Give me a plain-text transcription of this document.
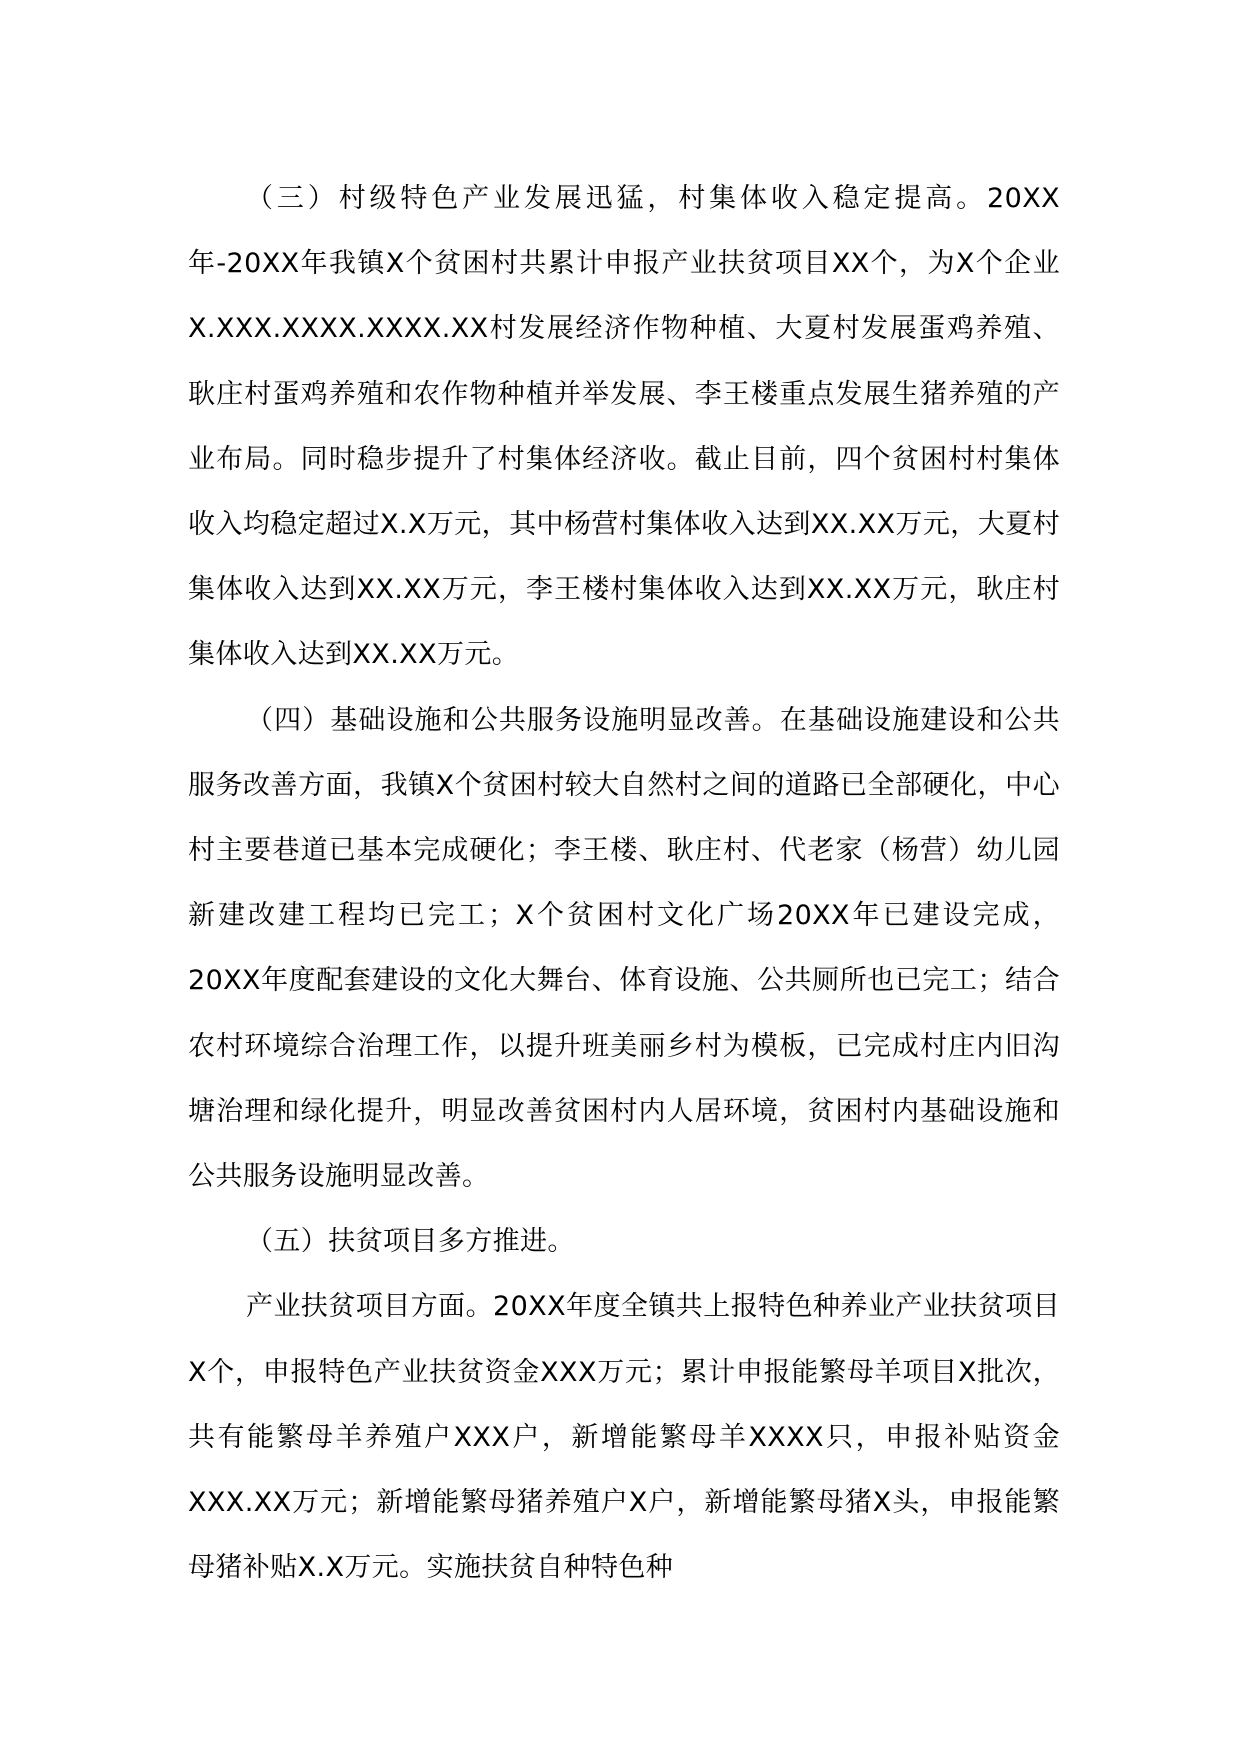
（三）村级特色产业发展迅猛，村集体收入稳定提高。20XX年-20XX年我镇X个贫困村共累计申报产业扶贫项目XX个，为X个企业X.XXX.XXXX.XXXX.XX村发展经济作物种植、大夏村发展蛋鸡养殖、耿庄村蛋鸡养殖和农作物种植并举发展、李王楼重点发展生猪养殖的产业布局。同时稳步提升了村集体经济收。截止目前，四个贫困村村集体收入均稳定超过X.X万元，其中杨营村集体收入达到XX.XX万元，大夏村集体收入达到XX.XX万元，李王楼村集体收入达到XX.XX万元，耿庄村集体收入达到XX.XX万元。

（四）基础设施和公共服务设施明显改善。在基础设施建设和公共服务改善方面，我镇X个贫困村较大自然村之间的道路已全部硬化，中心村主要巷道已基本完成硬化；李王楼、耿庄村、代老家（杨营）幼儿园新建改建工程均已完工；X个贫困村文化广场20XX年已建设完成，20XX年度配套建设的文化大舞台、体育设施、公共厕所也已完工；结合农村环境综合治理工作，以提升班美丽乡村为模板，已完成村庄内旧沟塘治理和绿化提升，明显改善贫困村内人居环境，贫困村内基础设施和公共服务设施明显改善。

（五）扶贫项目多方推进。

产业扶贫项目方面。20XX年度全镇共上报特色种养业产业扶贫项目X个，申报特色产业扶贫资金XXX万元；累计申报能繁母羊项目X批次，共有能繁母羊养殖户XXX户，新增能繁母羊XXXX只，申报补贴资金XXX.XX万元；新增能繁母猪养殖户X户，新增能繁母猪X头，申报能繁母猪补贴X.X万元。实施扶贫自种特色种
